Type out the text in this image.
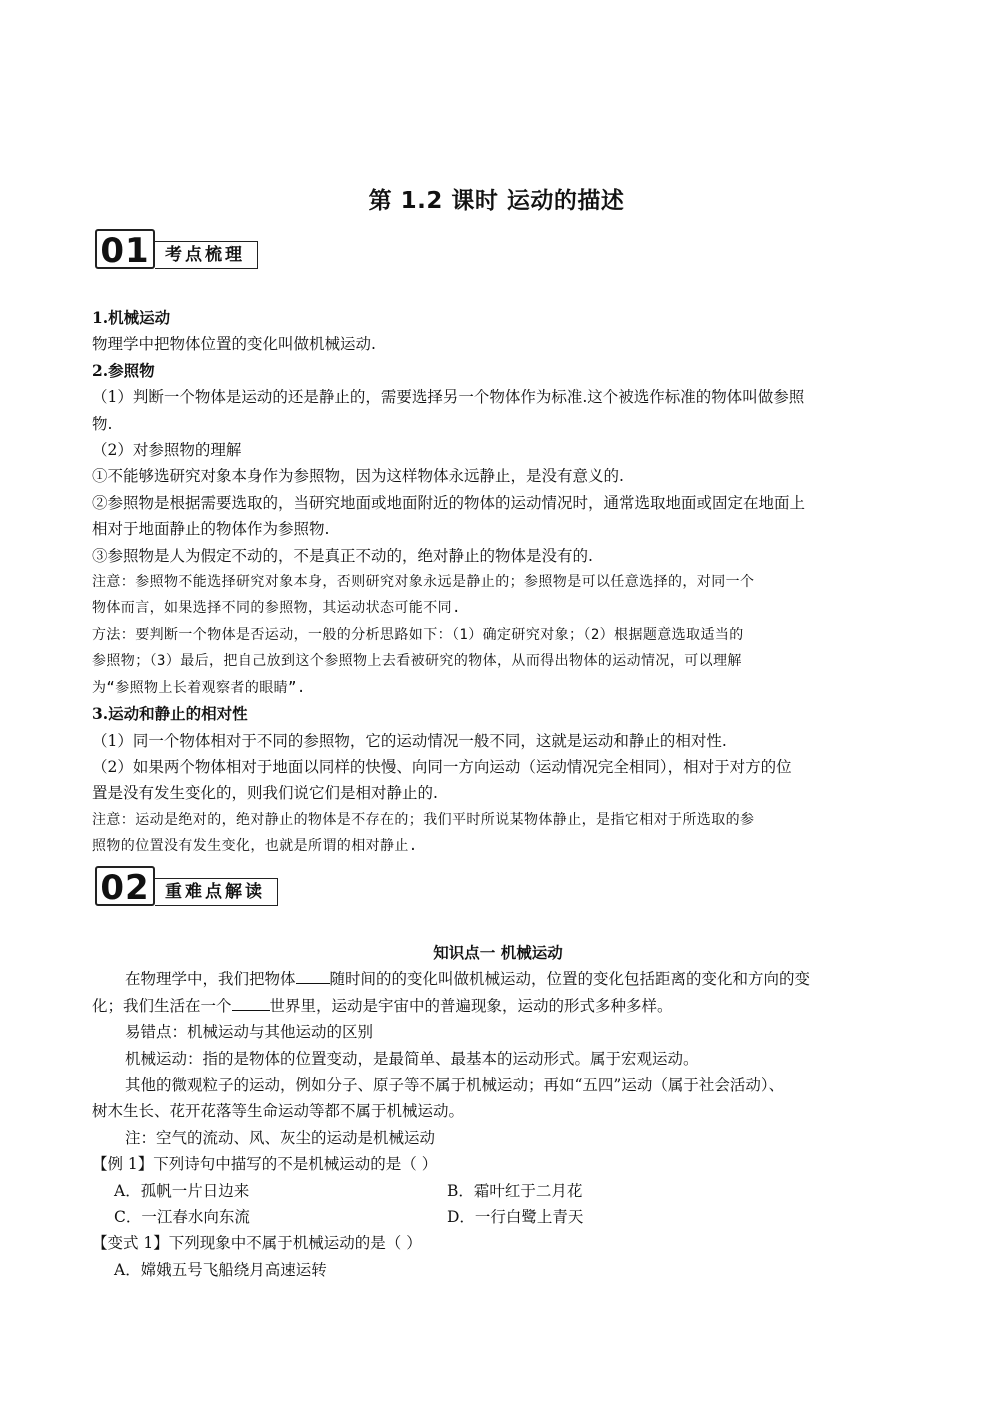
第 1.2 课时 运动的描述
01 考点梳理

1.机械运动

物理学中把物体位置的变化叫做机械运动.

2.参照物

（1）判断一个物体是运动的还是静止的，需要选择另一个物体作为标准.这个被选作标准的物体叫做参照

物.

（2）对参照物的理解

①不能够选研究对象本身作为参照物，因为这样物体永远静止，是没有意义的.

②参照物是根据需要选取的，当研究地面或地面附近的物体的运动情况时，通常选取地面或固定在地面上

相对于地面静止的物体作为参照物.

③参照物是人为假定不动的，不是真正不动的，绝对静止的物体是没有的.

注意：参照物不能选择研究对象本身，否则研究对象永远是静止的；参照物是可以任意选择的，对同一个

物体而言，如果选择不同的参照物，其运动状态可能不同.

方法：要判断一个物体是否运动，一般的分析思路如下：（1）确定研究对象；（2）根据题意选取适当的

参照物；（3）最后，把自己放到这个参照物上去看被研究的物体，从而得出物体的运动情况，可以理解

为“参照物上长着观察者的眼睛”.

3.运动和静止的相对性

（1）同一个物体相对于不同的参照物，它的运动情况一般不同，这就是运动和静止的相对性.

（2）如果两个物体相对于地面以同样的快慢、向同一方向运动（运动情况完全相同），相对于对方的位

置是没有发生变化的，则我们说它们是相对静止的.

注意：运动是绝对的，绝对静止的物体是不存在的；我们平时所说某物体静止，是指它相对于所选取的参

照物的位置没有发生变化，也就是所谓的相对静止.

02 重难点解读

知识点一 机械运动

在物理学中，我们把物体 随时间的的变化叫做机械运动，位置的变化包括距离的变化和方向的变

化；我们生活在一个 世界里，运动是宇宙中的普遍现象，运动的形式多种多样。

易错点：机械运动与其他运动的区别

机械运动：指的是物体的位置变动，是最简单、最基本的运动形式。属于宏观运动。

其他的微观粒子的运动，例如分子、原子等不属于机械运动；再如“五四”运动（属于社会活动）、

树木生长、花开花落等生命运动等都不属于机械运动。

注：空气的流动、风、灰尘的运动是机械运动

【例 1】下列诗句中描写的不是机械运动的是（ ）

A．孤帆一片日边来	B．霜叶红于二月花
C．一江春水向东流	D．一行白鹭上青天

【变式 1】下列现象中不属于机械运动的是（ ）

A．嫦娥五号飞船绕月高速运转
